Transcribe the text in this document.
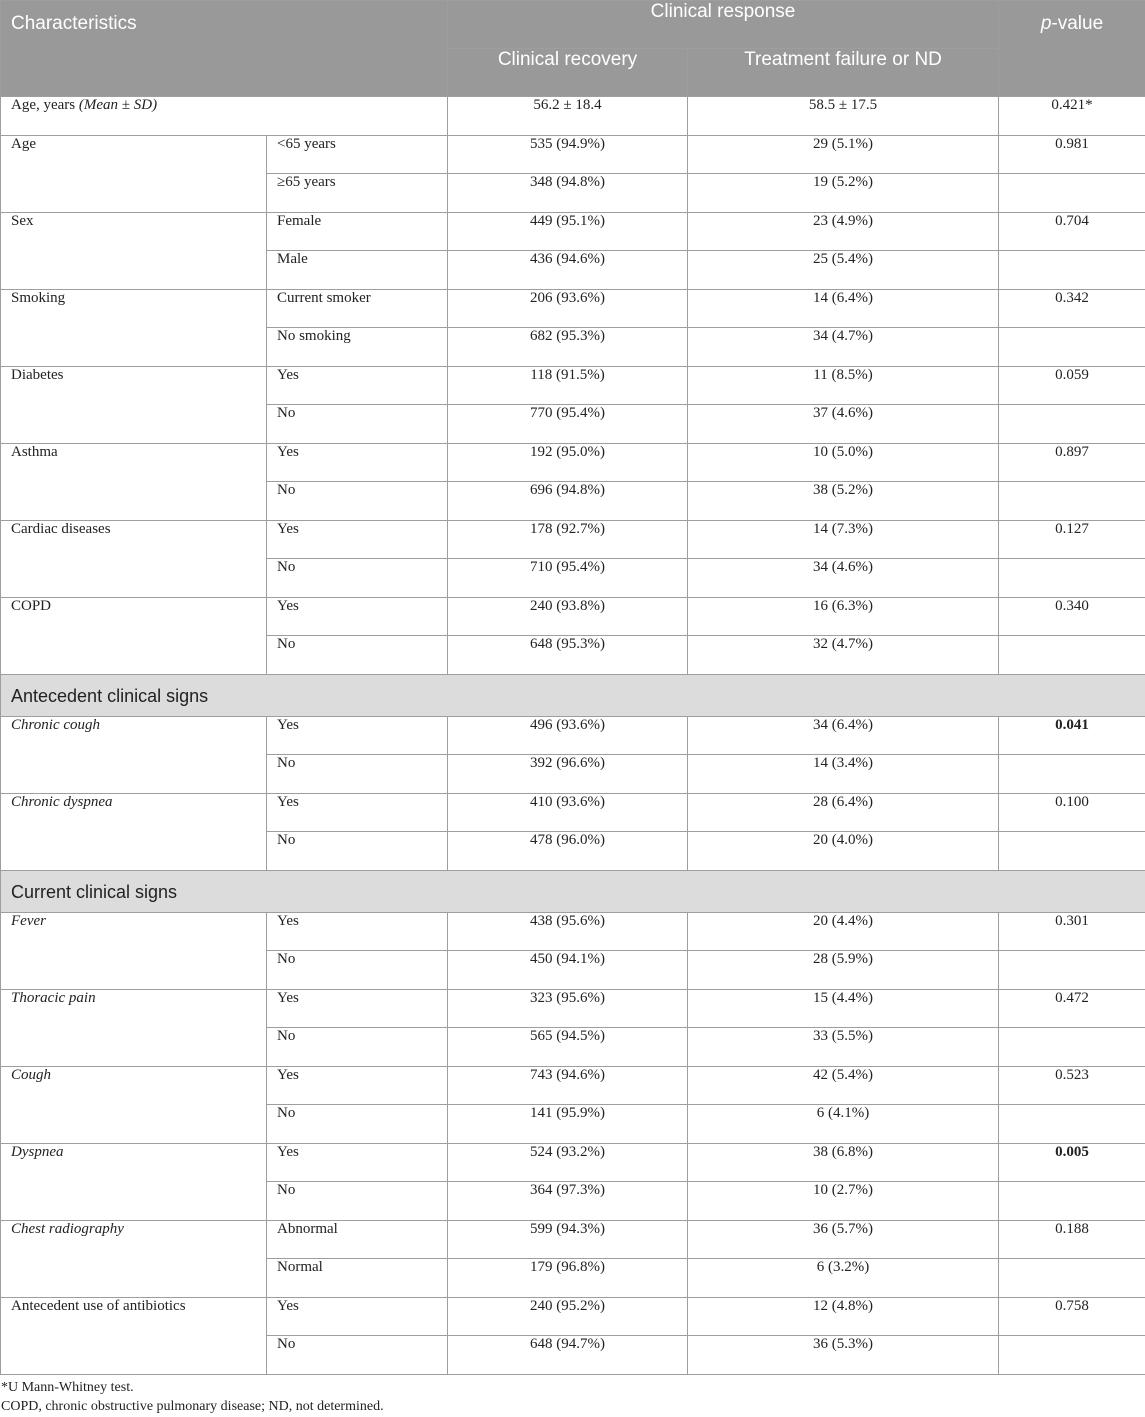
Characteristics		Clinical response		p-value
		Clinical recovery	Treatment failure or ND	
Age, years (Mean ± SD)		56.2 ± 18.4	58.5 ± 17.5	0.421*
Age	<65 years	535 (94.9%)	29 (5.1%)	0.981
	≥65 years	348 (94.8%)	19 (5.2%)	
Sex	Female	449 (95.1%)	23 (4.9%)	0.704
	Male	436 (94.6%)	25 (5.4%)	
Smoking	Current smoker	206 (93.6%)	14 (6.4%)	0.342
	No smoking	682 (95.3%)	34 (4.7%)	
Diabetes	Yes	118 (91.5%)	11 (8.5%)	0.059
	No	770 (95.4%)	37 (4.6%)	
Asthma	Yes	192 (95.0%)	10 (5.0%)	0.897
	No	696 (94.8%)	38 (5.2%)	
Cardiac diseases	Yes	178 (92.7%)	14 (7.3%)	0.127
	No	710 (95.4%)	34 (4.6%)	
COPD	Yes	240 (93.8%)	16 (6.3%)	0.340
	No	648 (95.3%)	32 (4.7%)	
Antecedent clinical signs				
Chronic cough	Yes	496 (93.6%)	34 (6.4%)	0.041
	No	392 (96.6%)	14 (3.4%)	
Chronic dyspnea	Yes	410 (93.6%)	28 (6.4%)	0.100
	No	478 (96.0%)	20 (4.0%)	
Current clinical signs				
Fever	Yes	438 (95.6%)	20 (4.4%)	0.301
	No	450 (94.1%)	28 (5.9%)	
Thoracic pain	Yes	323 (95.6%)	15 (4.4%)	0.472
	No	565 (94.5%)	33 (5.5%)	
Cough	Yes	743 (94.6%)	42 (5.4%)	0.523
	No	141 (95.9%)	6 (4.1%)	
Dyspnea	Yes	524 (93.2%)	38 (6.8%)	0.005
	No	364 (97.3%)	10 (2.7%)	
Chest radiography	Abnormal	599 (94.3%)	36 (5.7%)	0.188
	Normal	179 (96.8%)	6 (3.2%)	
Antecedent use of antibiotics	Yes	240 (95.2%)	12 (4.8%)	0.758
	No	648 (94.7%)	36 (5.3%)	
*U Mann-Whitney test.
COPD, chronic obstructive pulmonary disease; ND, not determined.
